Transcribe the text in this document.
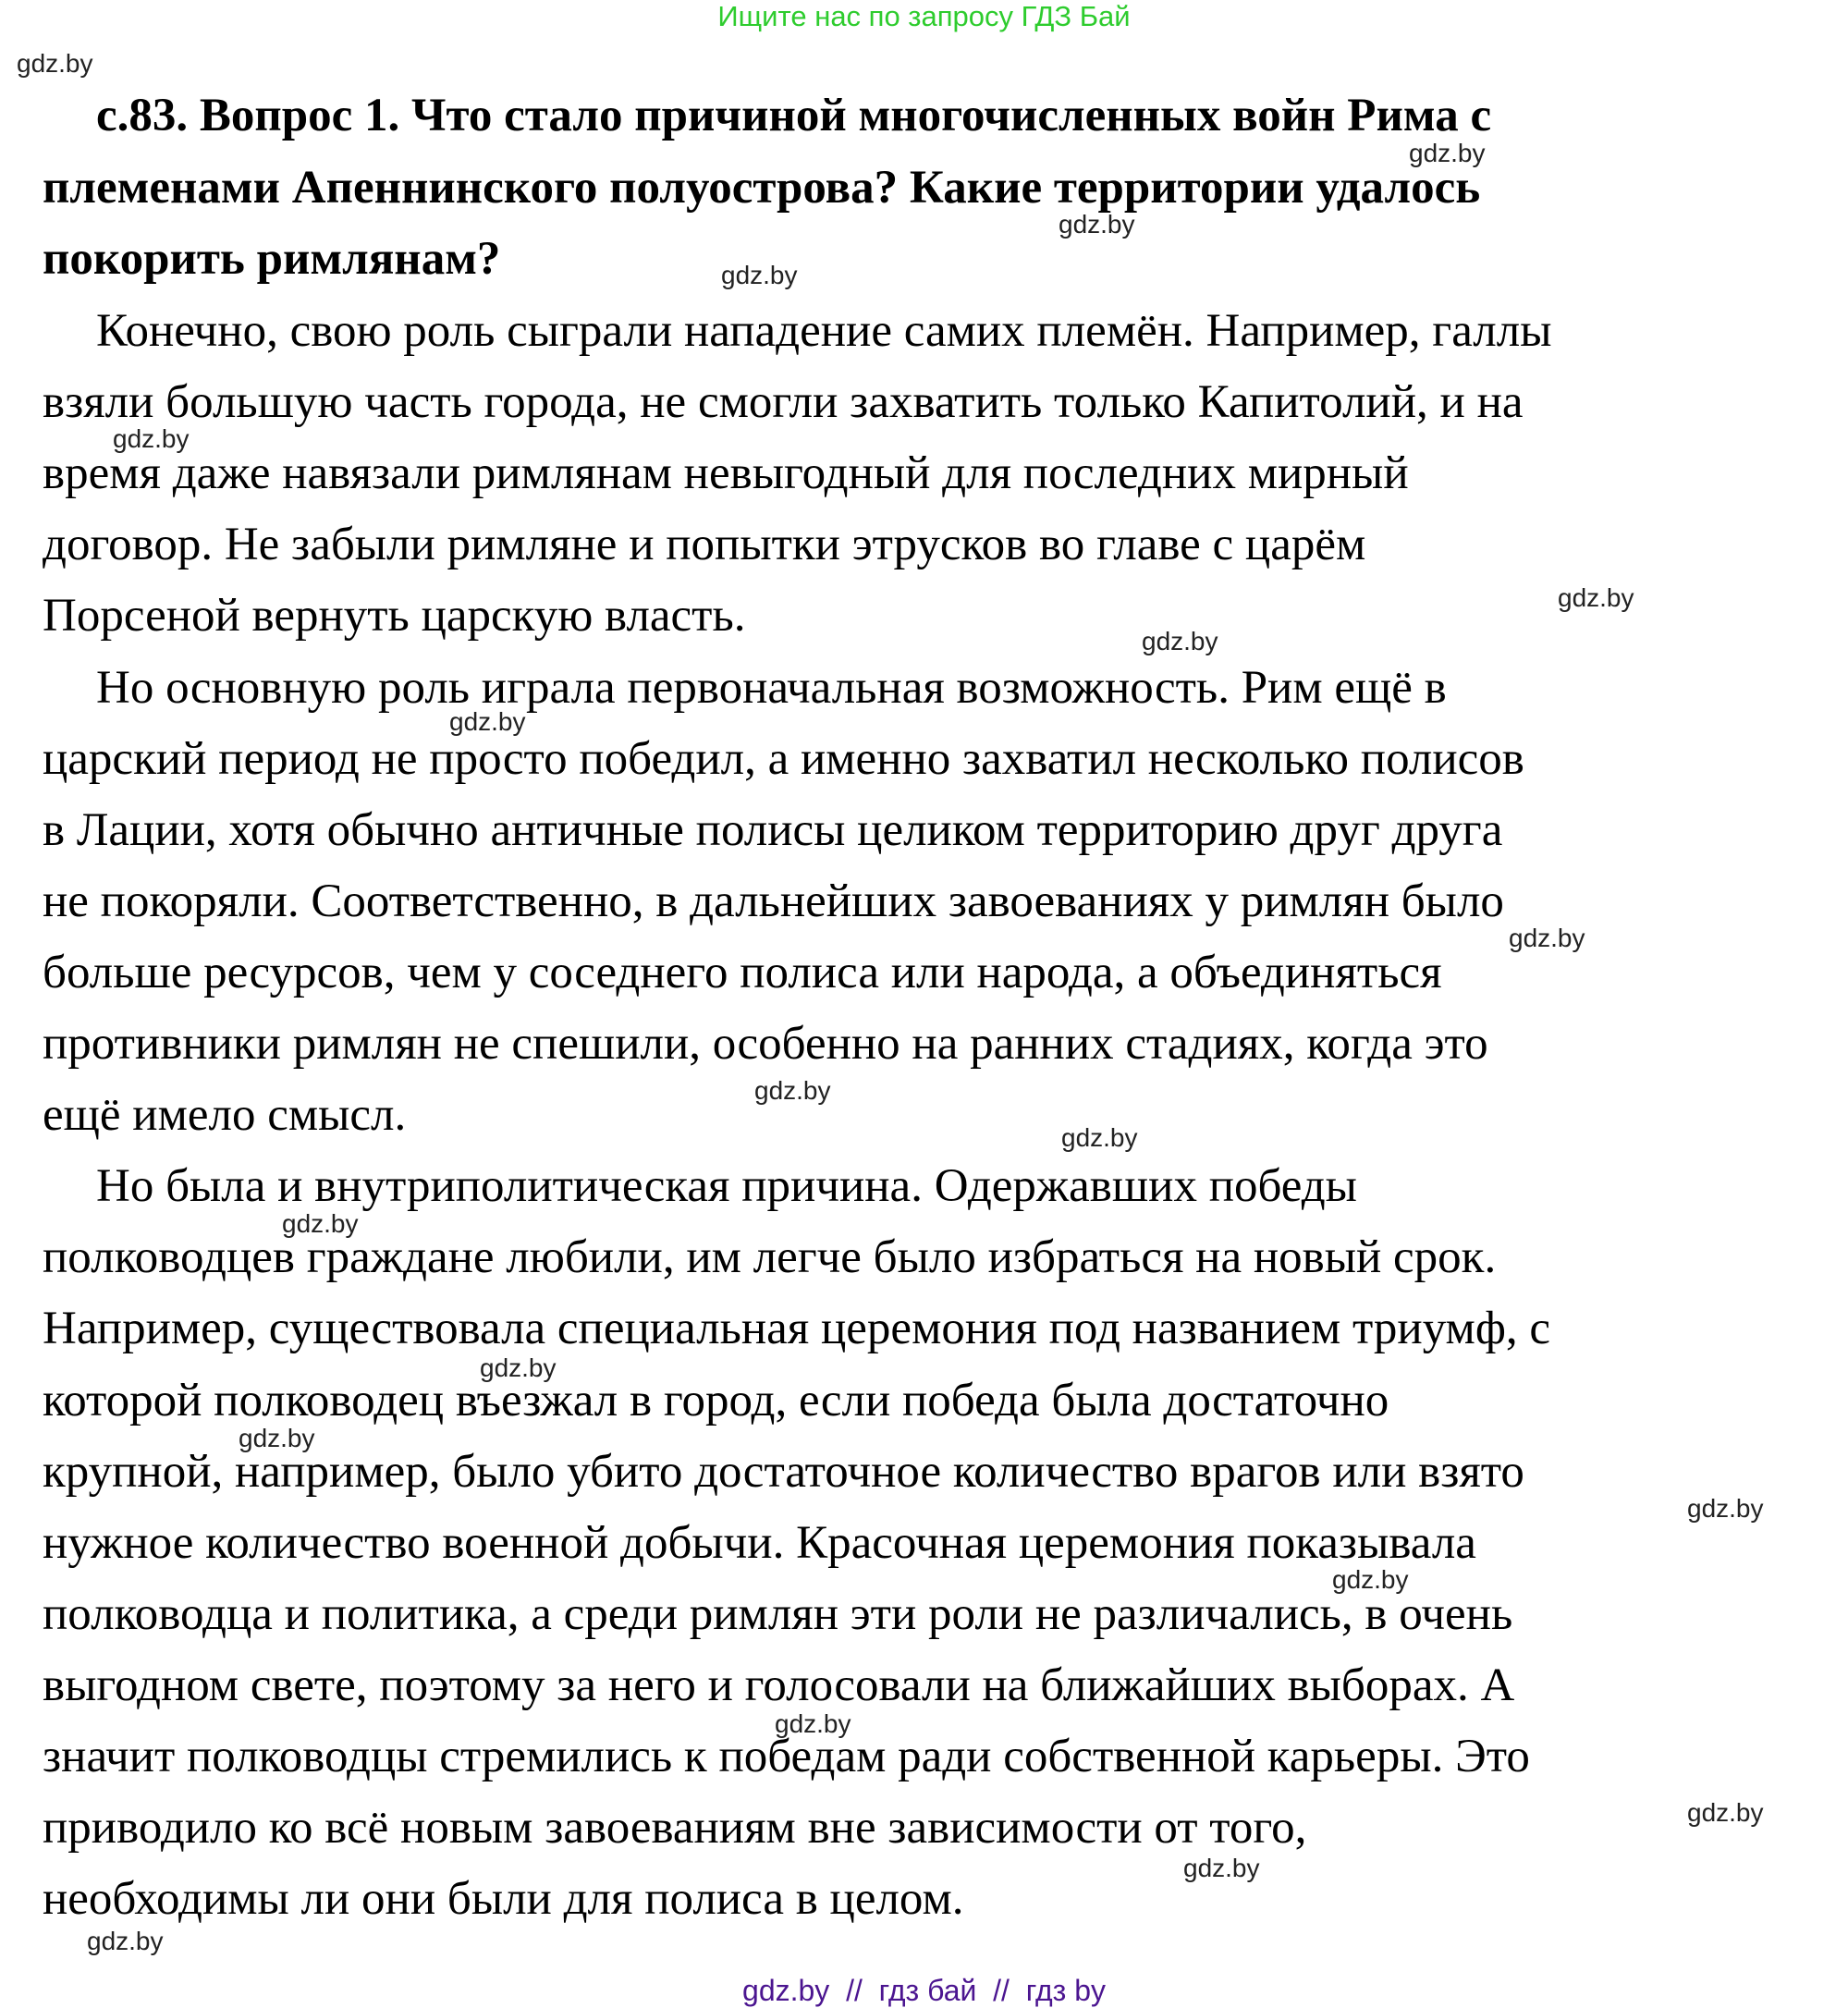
Ищите нас по запросу ГДЗ Бай
с.83. Вопрос 1. Что стало причиной многочисленных войн Рима с
племенами Апеннинского полуострова? Какие территории удалось
покорить римлянам?
Конечно, свою роль сыграли нападение самих племён. Например, галлы
взяли большую часть города, не смогли захватить только Капитолий, и на
время даже навязали римлянам невыгодный для последних мирный
договор. Не забыли римляне и попытки этрусков во главе с царём
Порсеной вернуть царскую власть.
Но основную роль играла первоначальная возможность. Рим ещё в
царский период не просто победил, а именно захватил несколько полисов
в Лации, хотя обычно античные полисы целиком территорию друг друга
не покоряли. Соответственно, в дальнейших завоеваниях у римлян было
больше ресурсов, чем у соседнего полиса или народа, а объединяться
противники римлян не спешили, особенно на ранних стадиях, когда это
ещё имело смысл.
Но была и внутриполитическая причина. Одержавших победы
полководцев граждане любили, им легче было избраться на новый срок.
Например, существовала специальная церемония под названием триумф, с
которой полководец въезжал в город, если победа была достаточно
крупной, например, было убито достаточное количество врагов или взято
нужное количество военной добычи. Красочная церемония показывала
полководца и политика, а среди римлян эти роли не различались, в очень
выгодном свете, поэтому за него и голосовали на ближайших выборах. А
значит полководцы стремились к победам ради собственной карьеры. Это
приводило ко всё новым завоеваниям вне зависимости от того,
необходимы ли они были для полиса в целом.
gdz.by
gdz.by
gdz.by
gdz.by
gdz.by
gdz.by
gdz.by
gdz.by
gdz.by
gdz.by
gdz.by
gdz.by
gdz.by
gdz.by
gdz.by
gdz.by
gdz.by
gdz.by
gdz.by
gdz.by
gdz.by  //  гдз бай  //  гдз by
